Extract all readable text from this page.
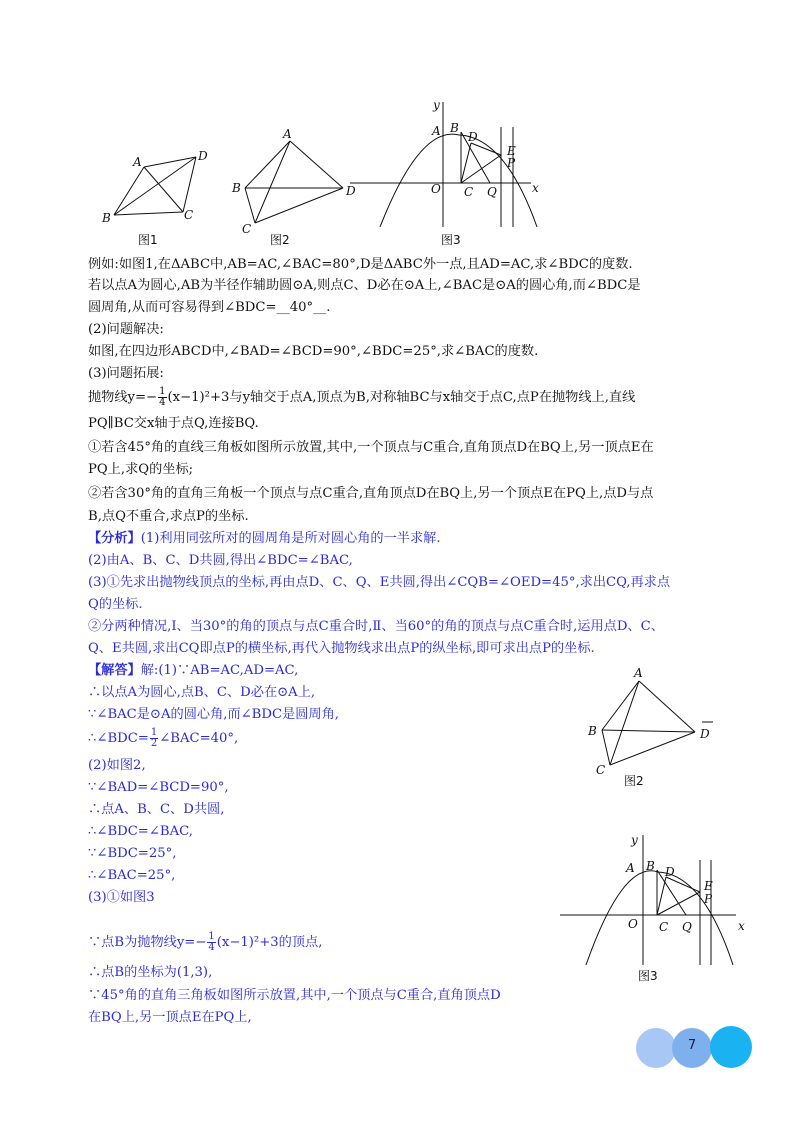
A	D
B	C
图1
A
B	D
C
图2
y
x
A B
D
E
P
O C Q
图3
例如:如图1,在ΔABC中,AB=AC,∠BAC=80°,D是ΔABC外一点,且AD=AC,求∠BDC的度数.
若以点A为圆心,AB为半径作辅助圆⊙A,则点C、D必在⊙A上,∠BAC是⊙A的圆心角,而∠BDC是
圆周角,从而可容易得到∠BDC=__40°__.
(2)问题解决:
如图,在四边形ABCD中,∠BAD=∠BCD=90°,∠BDC=25°,求∠BAC的度数.
(3)问题拓展:
抛物线$y=- \frac{1}{4} (x-1)^2+3$与y轴交于点A,顶点为B,对称轴BC与x轴交于点C,点P在抛物线上,直线
PQ∥BC交x轴于点Q,连接BQ.
①若含45°角的直线三角板如图所示放置,其中,一个顶点与C重合,直角顶点D在BQ上,另一顶点E在
PQ上,求Q的坐标;
②若含30°角的直角三角板一个顶点与点C重合,直角顶点D在BQ上,另一个顶点E在PQ上,点D与点
B,点Q不重合,求点P的坐标.
【分析】(1)利用同弦所对的圆周角是所对圆心角的一半求解.
(2)由A、B、C、D共圆,得出∠BDC=∠BAC,
(3)①先求出抛物线顶点的坐标,再由点D、C、Q、E共圆,得出∠CQB=∠OED=45°,求出CQ,再求点
Q的坐标.
②分两种情况,Ⅰ、当30°的角的顶点与点C重合时,Ⅱ、当60°的角的顶点与点C重合时,运用点D、C、
Q、E共圆,求出CQ即点P的横坐标,再代入抛物线求出点P的纵坐标,即可求出点P的坐标.
【解答】解:(1)∵AB=AC,AD=AC,
∴以点A为圆心,点B、C、D必在⊙A上,
∵∠BAC是⊙A的圆心角,而∠BDC是圆周角,
∴∠BDC= $\frac{1}{2}$ ∠BAC=40°,
(2)如图2,
∵∠BAD=∠BCD=90°,
∴点A、B、C、D共圆,
∴∠BDC=∠BAC,
∵∠BDC=25°,
∴∠BAC=25°,
(3)①如图3
∵点B为抛物线$y=- \frac{1}{4} (x-1)^2+3$的顶点,
∴点B的坐标为(1,3),
∵45°角的直角三角板如图所示放置,其中,一个顶点与C重合,直角顶点D
在BQ上,另一顶点E在PQ上,
A
B	D
C
图2
y
x
A B D
E
P
O C Q
图3
7
